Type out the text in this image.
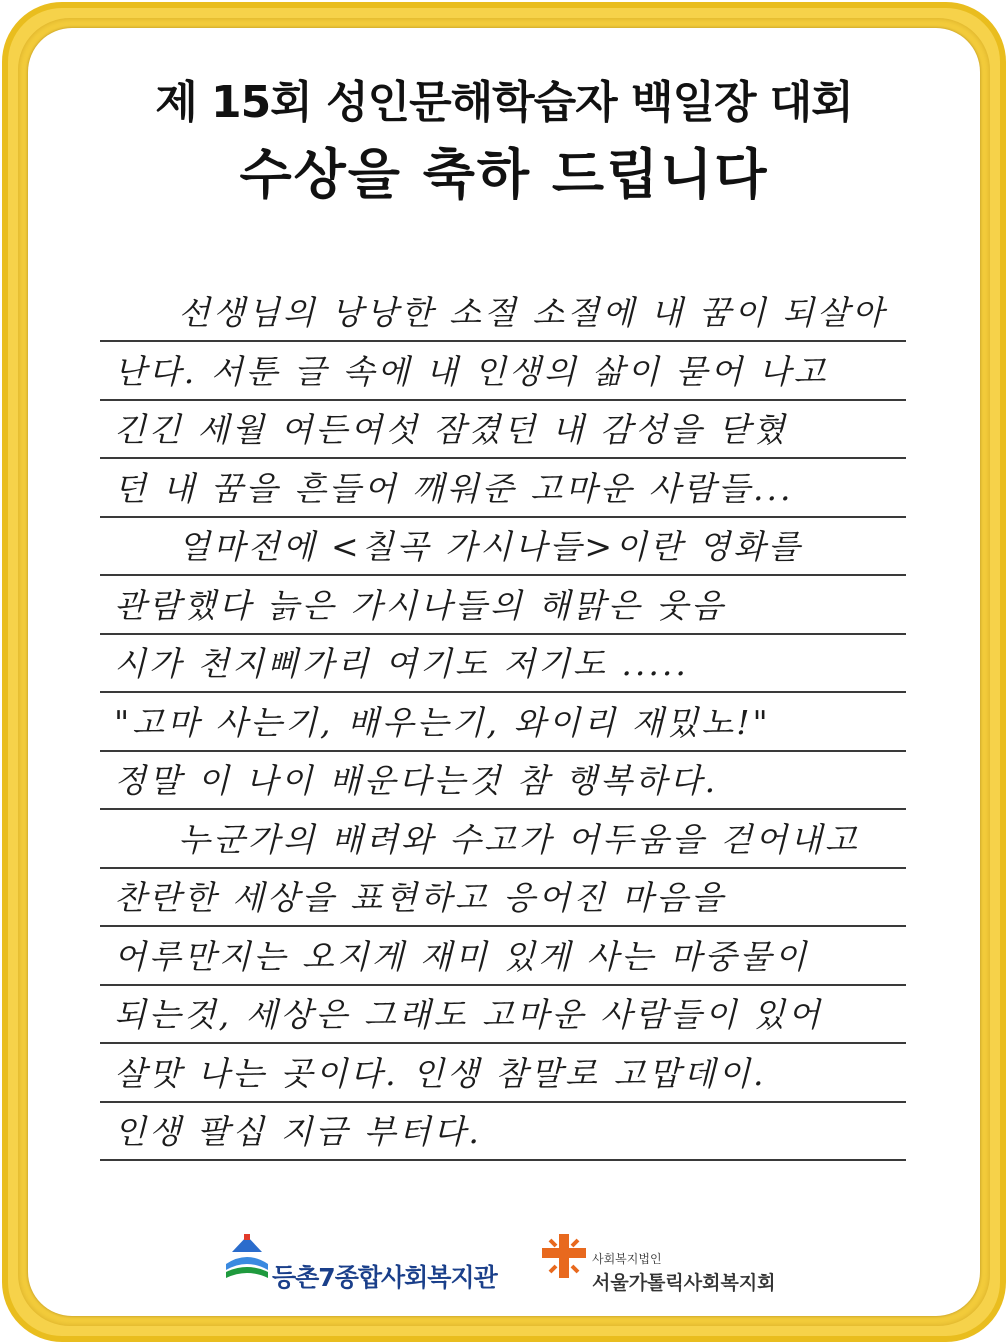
제 15회 성인문해학습자 백일장 대회
수상을 축하 드립니다
선생님의 낭낭한 소절 소절에 내 꿈이 되살아
난다. 서툰 글 속에 내 인생의 삶이 묻어 나고
긴긴 세월 여든여섯 잠겼던 내 감성을 닫혔
던 내 꿈을 흔들어 깨워준 고마운 사람들...
얼마전에 <칠곡 가시나들>이란 영화를
관람했다 늙은 가시나들의 해맑은 웃음
시가 천지삐가리 여기도 저기도 .....
"고마 사는기, 배우는기, 와이리 재밌노!"
정말 이 나이 배운다는것 참 행복하다.
누군가의 배려와 수고가 어두움을 걷어내고
찬란한 세상을 표현하고 응어진 마음을
어루만지는 오지게 재미 있게 사는 마중물이
되는것, 세상은 그래도 고마운 사람들이 있어
살맛 나는 곳이다. 인생 참말로 고맙데이.
인생 팔십 지금 부터다.
등촌7종합사회복지관
사회복지법인
서울가톨릭사회복지회
